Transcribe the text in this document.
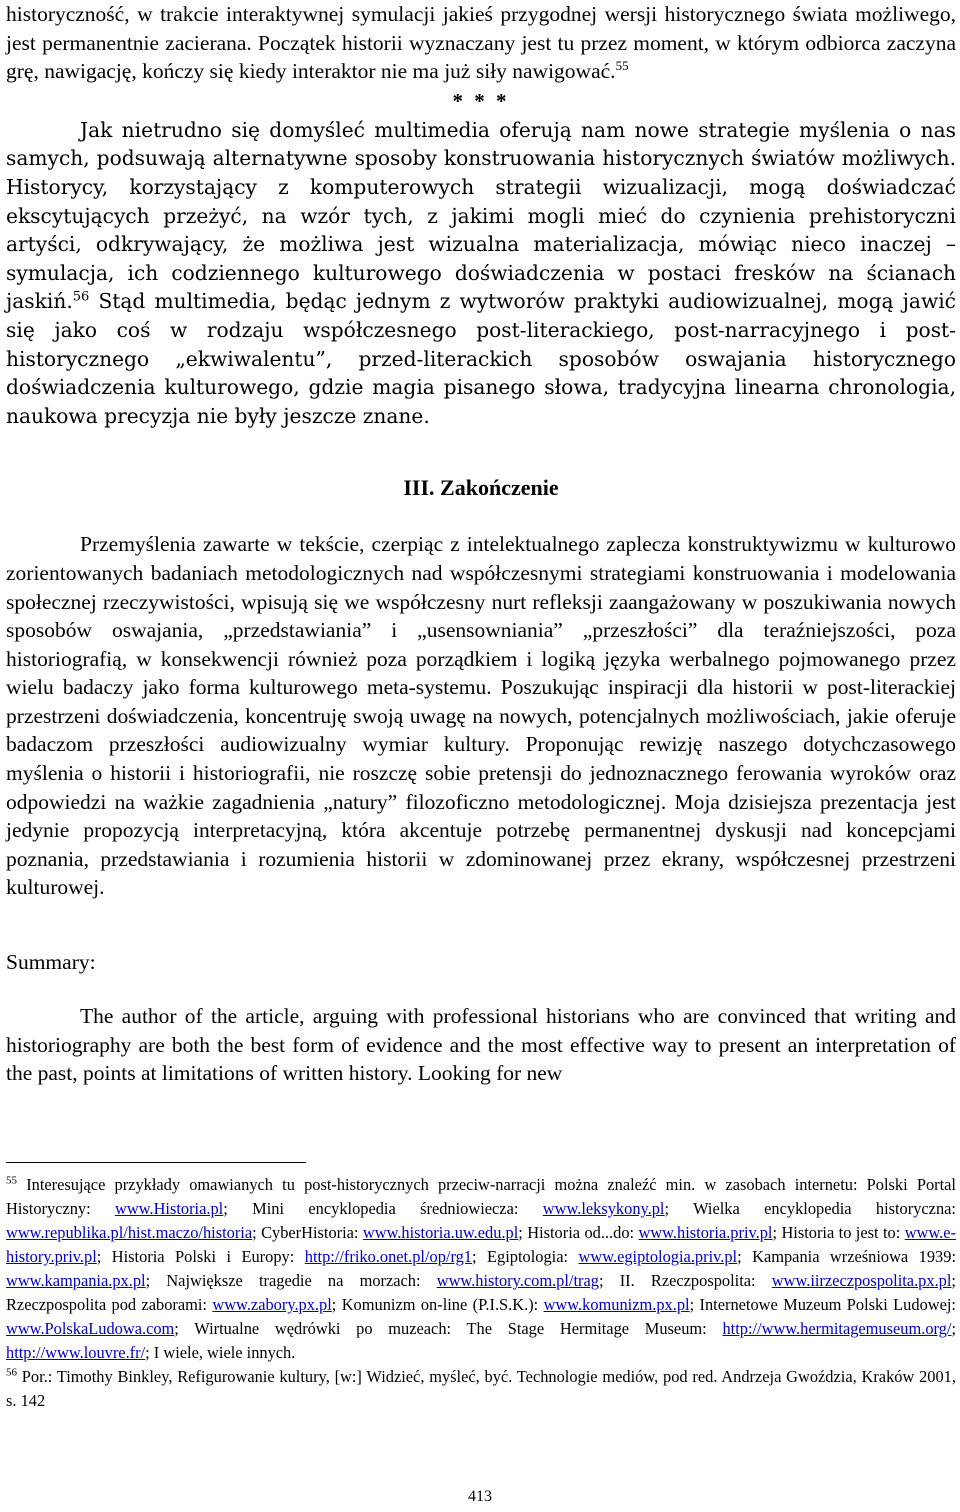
historyczność, w trakcie interaktywnej symulacji jakieś przygodnej wersji historycznego świata możliwego, jest permanentnie zacierana. Początek historii wyznaczany jest tu przez moment, w którym odbiorca zaczyna grę, nawigację, kończy się kiedy interaktor nie ma już siły nawigować.$^{55}$

* * *

Jak nietrudno się domyśleć multimedia oferują nam nowe strategie myślenia o nas samych, podsuwają alternatywne sposoby konstruowania historycznych światów możliwych. Historycy, korzystający z komputerowych strategii wizualizacji, mogą doświadczać ekscytujących przeżyć, na wzór tych, z jakimi mogli mieć do czynienia prehistoryczni artyści, odkrywający, że możliwa jest wizualna materializacja, mówiąc nieco inaczej – symulacja, ich codziennego kulturowego doświadczenia w postaci fresków na ścianach jaskiń.$^{56}$ Stąd multimedia, będąc jednym z wytworów praktyki audiowizualnej, mogą jawić się jako coś w rodzaju współczesnego post-literackiego, post-narracyjnego i post-historycznego „ekwiwalentu”, przed-literackich sposobów oswajania historycznego doświadczenia kulturowego, gdzie magia pisanego słowa, tradycyjna linearna chronologia, naukowa precyzja nie były jeszcze znane.

III. Zakończenie

Przemyślenia zawarte w tekście, czerpiąc z intelektualnego zaplecza konstruktywizmu w kulturowo zorientowanych badaniach metodologicznych nad współczesnymi strategiami konstruowania i modelowania społecznej rzeczywistości, wpisują się we współczesny nurt refleksji zaangażowany w poszukiwania nowych sposobów oswajania, „przedstawiania” i „usensowniania” „przeszłości” dla teraźniejszości, poza historiografią, w konsekwencji również poza porządkiem i logiką języka werbalnego pojmowanego przez wielu badaczy jako forma kulturowego meta-systemu. Poszukując inspiracji dla historii w post-literackiej przestrzeni doświadczenia, koncentruję swoją uwagę na nowych, potencjalnych możliwościach, jakie oferuje badaczom przeszłości audiowizualny wymiar kultury. Proponując rewizję naszego dotychczasowego myślenia o historii i historiografii, nie roszczę sobie pretensji do jednoznacznego ferowania wyroków oraz odpowiedzi na ważkie zagadnienia „natury” filozoficzno metodologicznej. Moja dzisiejsza prezentacja jest jedynie propozycją interpretacyjną, która akcentuje potrzebę permanentnej dyskusji nad koncepcjami poznania, przedstawiania i rozumienia historii w zdominowanej przez ekrany, współczesnej przestrzeni kulturowej.

Summary:

The author of the article, arguing with professional historians who are convinced that writing and historiography are both the best form of evidence and the most effective way to present an interpretation of the past, points at limitations of written history. Looking for new

$^{55}$ Interesujące przykłady omawianych tu post-historycznych przeciw-narracji można znaleźć min. w zasobach internetu: Polski Portal Historyczny: www.Historia.pl; Mini encyklopedia średniowiecza: www.leksykony.pl; Wielka encyklopedia historyczna: www.republika.pl/hist.maczo/historia; CyberHistoria: www.historia.uw.edu.pl; Historia od...do: www.historia.priv.pl; Historia to jest to: www.e-history.priv.pl; Historia Polski i Europy: http://friko.onet.pl/op/rg1; Egiptologia: www.egiptologia.priv.pl; Kampania wrześniowa 1939: www.kampania.px.pl; Największe tragedie na morzach: www.history.com.pl/trag; II. Rzeczpospolita: www.iirzeczpospolita.px.pl; Rzeczpospolita pod zaborami: www.zabory.px.pl; Komunizm on-line (P.I.S.K.): www.komunizm.px.pl; Internetowe Muzeum Polski Ludowej: www.PolskaLudowa.com; Wirtualne wędrówki po muzeach: The Stage Hermitage Museum: http://www.hermitagemuseum.org/; http://www.louvre.fr/; I wiele, wiele innych.

$^{56}$ Por.: Timothy Binkley, Refigurowanie kultury, [w:] Widzieć, myśleć, być. Technologie mediów, pod red. Andrzeja Gwoździa, Kraków 2001, s. 142

413
